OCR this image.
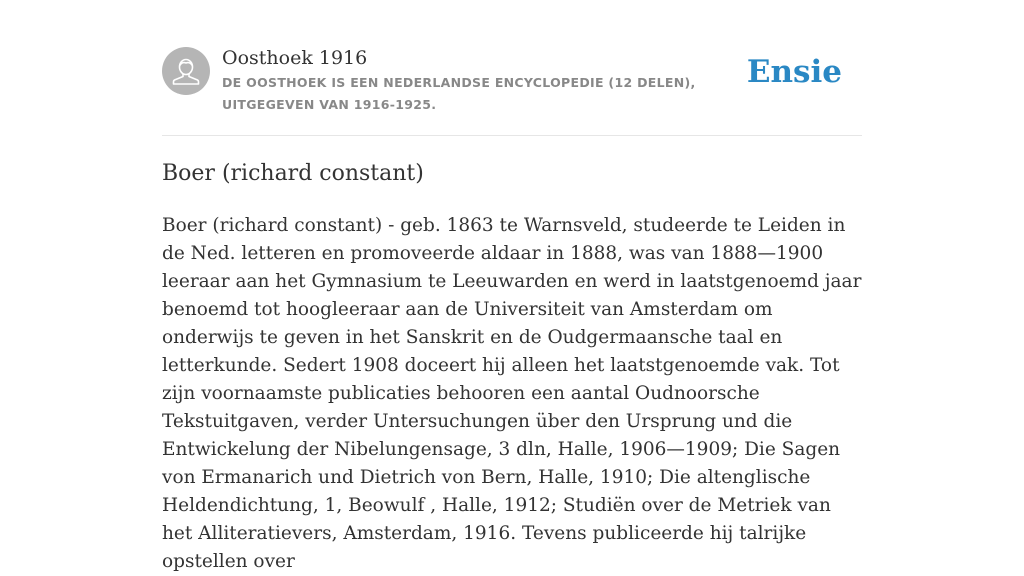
Oosthoek 1916
DE OOSTHOEK IS EEN NEDERLANDSE ENCYCLOPEDIE (12 DELEN), UITGEGEVEN VAN 1916-1925.
Ensie
Boer (richard constant)

Boer (richard constant) - geb. 1863 te Warnsveld, studeerde te Leiden in de Ned. letteren en promoveerde aldaar in 1888, was van 1888—1900 leeraar aan het Gymnasium te Leeuwarden en werd in laatstgenoemd jaar benoemd tot hoogleeraar aan de Universiteit van Amsterdam om onderwijs te geven in het Sanskrit en de Oudgermaansche taal en letterkunde. Sedert 1908 doceert hij alleen het laatstgenoemde vak. Tot zijn voornaamste publicaties behooren een aantal Oudnoorsche Tekstuitgaven, verder Untersuchungen über den Ursprung und die Entwickelung der Nibelungensage, 3 dln, Halle, 1906—1909; Die Sagen von Ermanarich und Dietrich von Bern, Halle, 1910; Die altenglische Heldendichtung, 1, Beowulf , Halle, 1912; Studiën over de Metriek van het Alliteratievers, Amsterdam, 1916. Tevens publiceerde hij talrijke opstellen over
